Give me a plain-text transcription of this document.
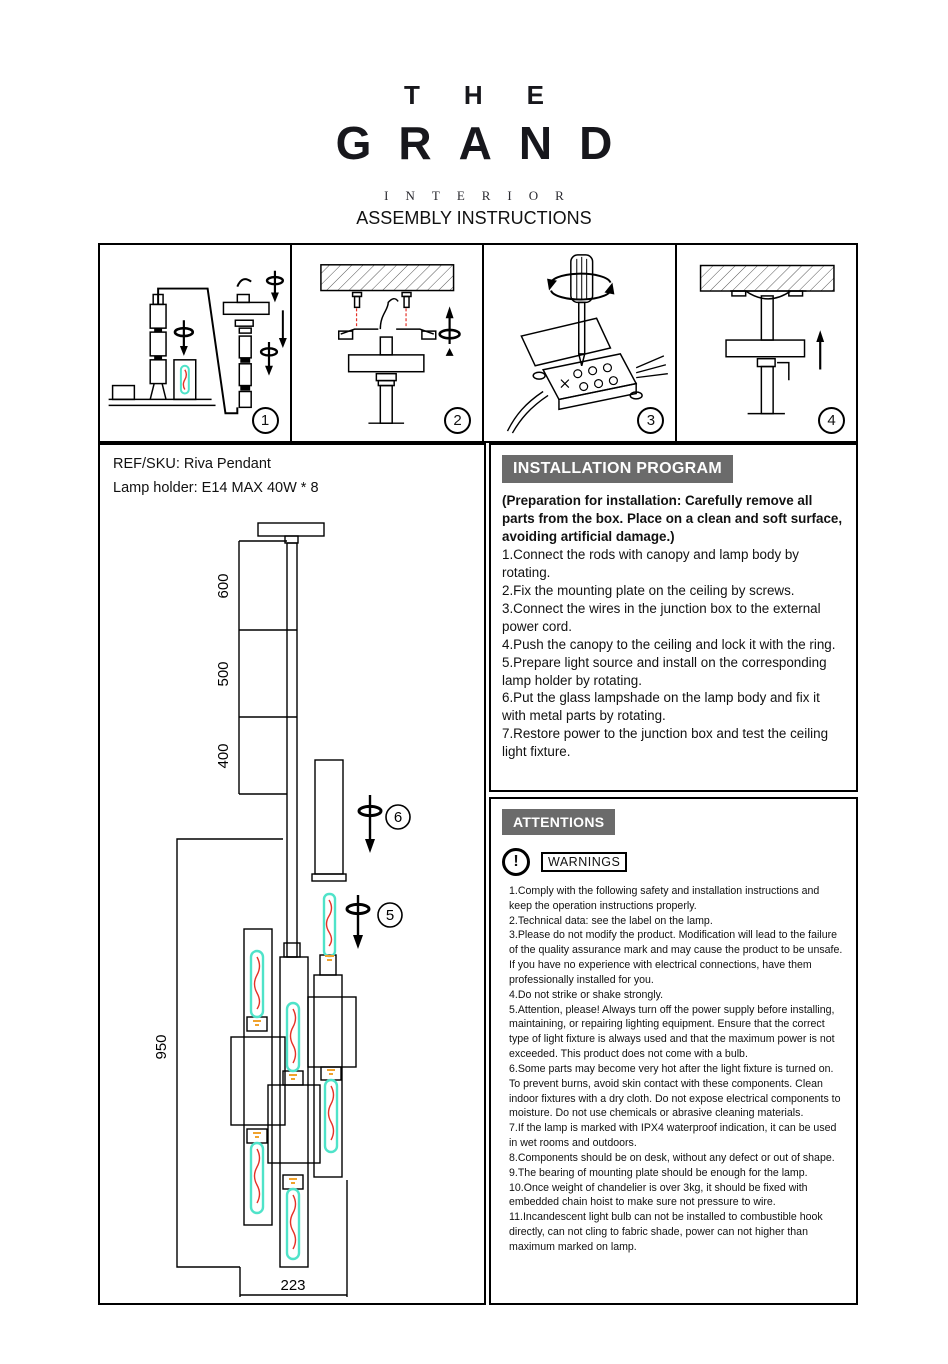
THE
GRAND
INTERIOR
ASSEMBLY INSTRUCTIONS
1	2	3	4
6
5
600
500
400
950
223
REF/SKU: Riva Pendant
Lamp holder: E14 MAX 40W * 8
INSTALLATION PROGRAM
(Preparation for installation: Carefully remove all parts from the box. Place on a clean and soft surface, avoiding artificial damage.)
1.Connect the rods with canopy and lamp body by rotating.
2.Fix the mounting plate on the ceiling by screws.
3.Connect the wires in the junction box to the external power cord.
4.Push the canopy to the ceiling and lock it with the ring.
5.Prepare light source and install on the corresponding lamp holder by rotating.
6.Put the glass lampshade on the lamp body and fix it with metal parts by rotating.
7.Restore power to the junction box and test the ceiling light fixture.
ATTENTIONS
!	WARNINGS
1.Comply with the following safety and installation instructions and keep the operation instructions properly.
2.Technical data: see the label on the lamp.
3.Please do not modify the product. Modification will lead to the failure of the quality assurance mark and may cause the product to be unsafe. If you have no experience with electrical connections, have them professionally installed for you.
4.Do not strike or shake strongly.
5.Attention, please! Always turn off the power supply before installing, maintaining, or repairing lighting equipment. Ensure that the correct type of light fixture is always used and that the maximum power is not exceeded. This product does not come with a bulb.
6.Some parts may become very hot after the light fixture is turned on. To prevent burns, avoid skin contact with these components. Clean indoor fixtures with a dry cloth. Do not expose electrical components to moisture. Do not use chemicals or abrasive cleaning materials.
7.If the lamp is marked with IPX4 waterproof indication, it can be used in wet rooms and outdoors.
8.Components should be on desk, without any defect or out of shape.
9.The bearing of mounting plate should be enough for the lamp.
10.Once weight of chandelier is over 3kg, it should be fixed with embedded chain hoist to make sure not pressure to wire.
11.Incandescent light bulb can not be installed to combustible hook directly, can not cling to fabric shade, power can not higher than maximum marked on lamp.
